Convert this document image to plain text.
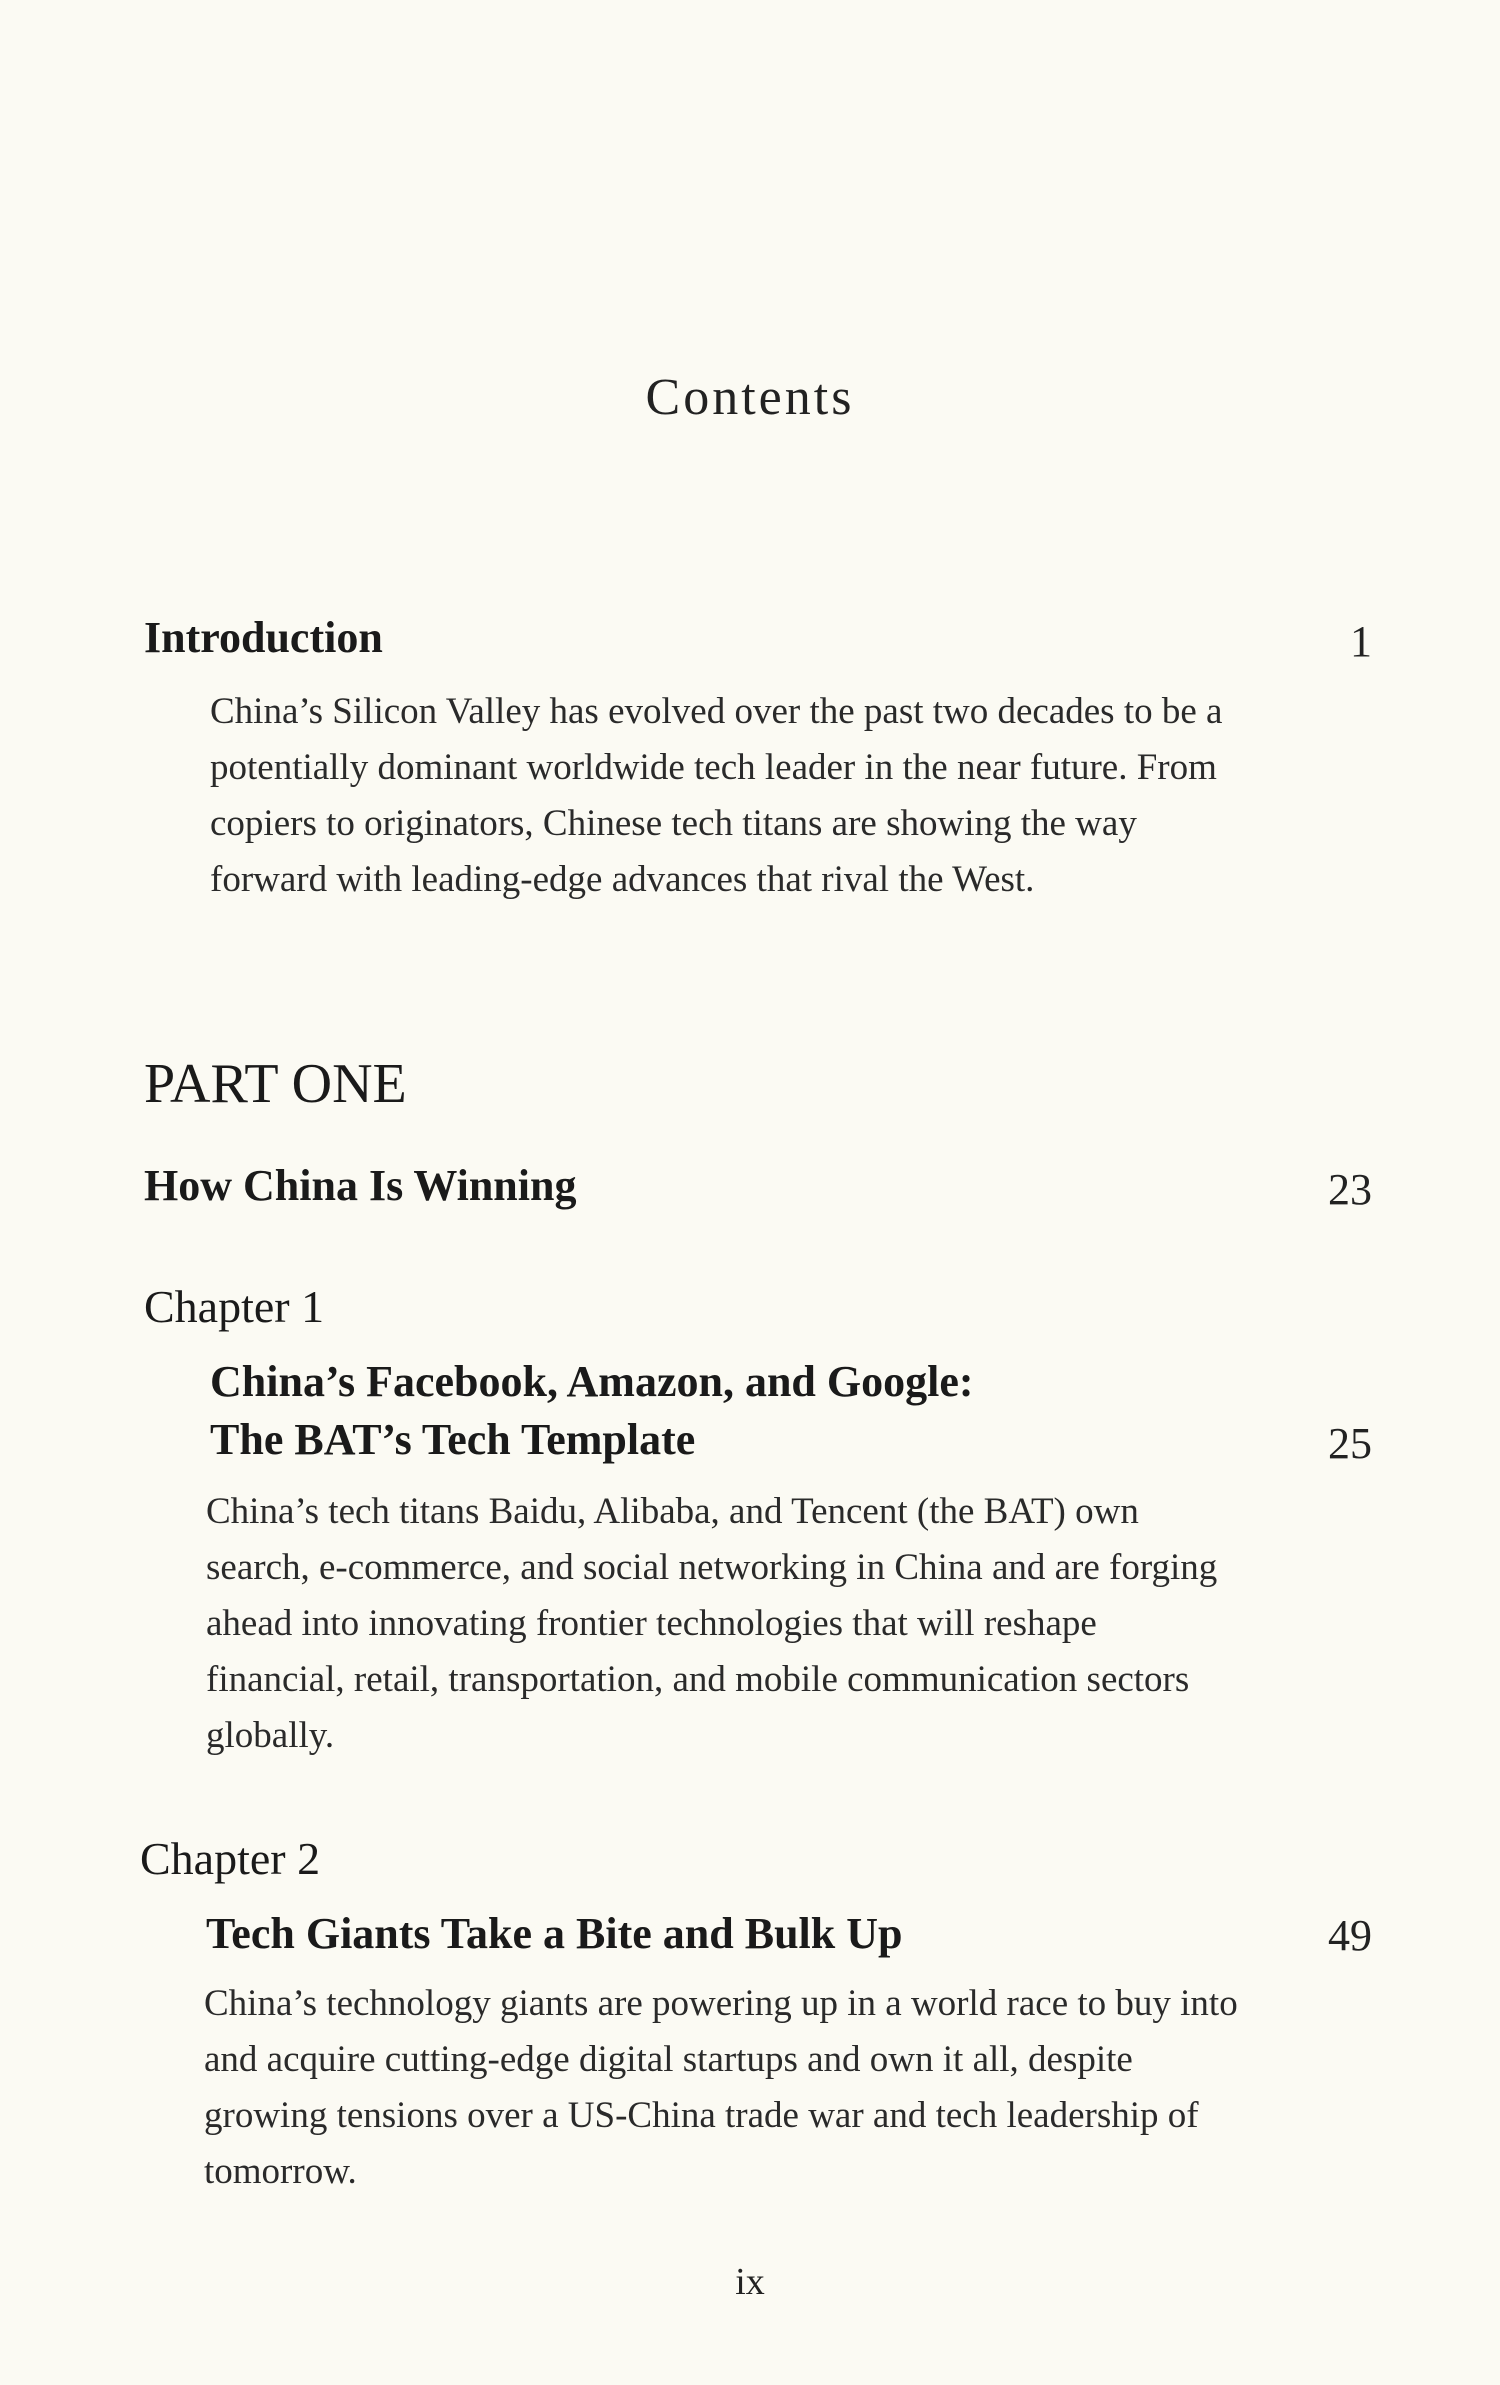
Contents
Introduction	1

China’s Silicon Valley has evolved over the past two decades to be a potentially dominant worldwide tech leader in the near future. From copiers to originators, Chinese tech titans are showing the way forward with leading-edge advances that rival the West.

PART ONE
How China Is Winning	23
Chapter 1
China’s Facebook, Amazon, and Google:
The BAT’s Tech Template	25

China’s tech titans Baidu, Alibaba, and Tencent (the BAT) own search, e-commerce, and social networking in China and are forging ahead into innovating frontier technologies that will reshape financial, retail, transportation, and mobile communication sectors globally.

Chapter 2
Tech Giants Take a Bite and Bulk Up	49

China’s technology giants are powering up in a world race to buy into and acquire cutting-edge digital startups and own it all, despite growing tensions over a US-China trade war and tech leadership of tomorrow.

ix
